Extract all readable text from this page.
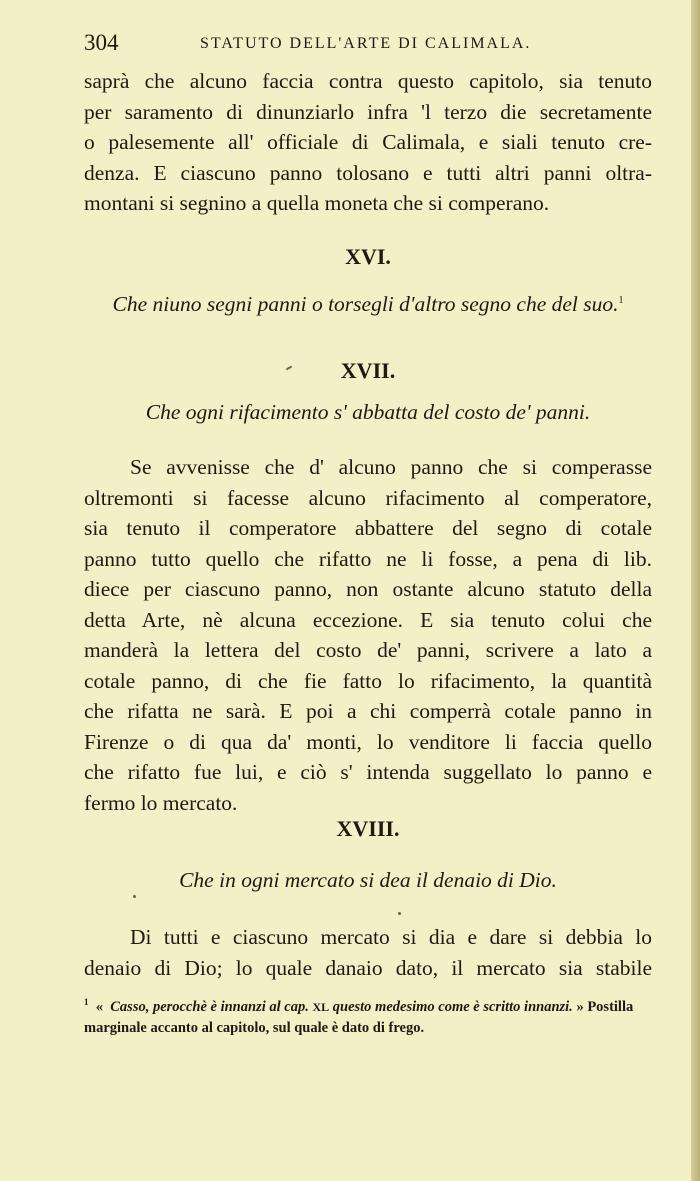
304	STATUTO DELL'ARTE DI CALIMALA.

saprà che alcuno faccia contra questo capitolo, sia tenuto
per saramento di dinunziarlo infra 'l terzo die secretamente
o palesemente all' officiale di Calimala, e siali tenuto cre-
denza. E ciascuno panno tolosano e tutti altri panni oltra-
montani si segnino a quella moneta che si comperano.

XVI.

Che niuno segni panni o torsegli d'altro segno che del suo.$^1$

XVII.

Che ogni rifacimento s' abbatta del costo de' panni.

Se avvenisse che d' alcuno panno che si comperasse
oltremonti si facesse alcuno rifacimento al comperatore,
sia tenuto il comperatore abbattere del segno di cotale
panno tutto quello che rifatto ne li fosse, a pena di lib.
diece per ciascuno panno, non ostante alcuno statuto della
detta Arte, nè alcuna eccezione. E sia tenuto colui che
manderà la lettera del costo de' panni, scrivere a lato a
cotale panno, di che fie fatto lo rifacimento, la quantità
che rifatta ne sarà. E poi a chi comperrà cotale panno in
Firenze o di qua da' monti, lo venditore li faccia quello
che rifatto fue lui, e ciò s' intenda suggellato lo panno e
fermo lo mercato.

XVIII.

Che in ogni mercato si dea il denaio di Dio.

Di tutti e ciascuno mercato si dia e dare si debbia lo
denaio di Dio; lo quale danaio dato, il mercato sia stabile

$^1$ « Casso, perocchè è innanzi al cap. XL questo medesimo come è scritto innanzi. » Postilla marginale accanto al capitolo, sul quale è dato di frego.
